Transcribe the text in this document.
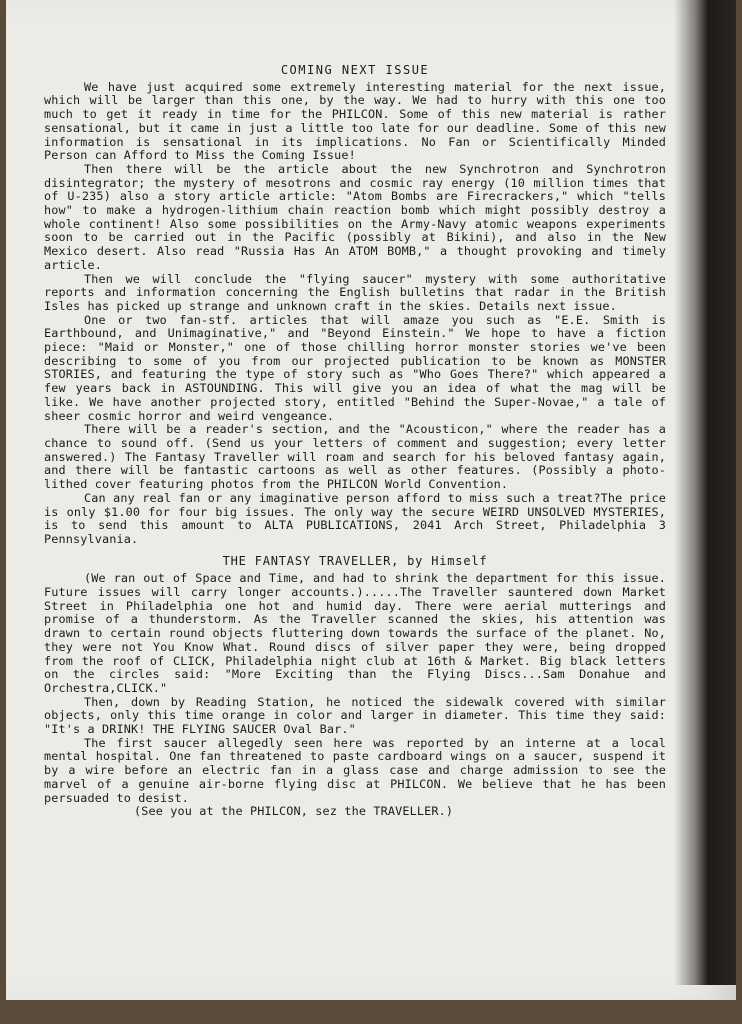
COMING NEXT ISSUE

We have just acquired some extremely interesting material for the next issue, which will be larger than this one, by the way. We had to hurry with this one too much to get it ready in time for the PHILCON. Some of this new material is rather sensational, but it came in just a little too late for our deadline. Some of this new information is sensational in its implications. No Fan or Scientifically Minded Person can Afford to Miss the Coming Issue!

Then there will be the article about the new Synchrotron and Synchrotron disintegrator; the mystery of mesotrons and cosmic ray energy (10 million times that of U-235) also a story article article: "Atom Bombs are Firecrackers," which "tells how" to make a hydrogen-lithium chain reaction bomb which might possibly destroy a whole continent! Also some possibilities on the Army-Navy atomic weapons experiments soon to be carried out in the Pacific (possibly at Bikini), and also in the New Mexico desert. Also read "Russia Has An ATOM BOMB," a thought provoking and timely article.

Then we will conclude the "flying saucer" mystery with some authoritative reports and information concerning the English bulletins that radar in the British Isles has picked up strange and unknown craft in the skies. Details next issue.

One or two fan-stf. articles that will amaze you such as "E.E. Smith is Earthbound, and Unimaginative," and "Beyond Einstein." We hope to have a fiction piece: "Maid or Monster," one of those chilling horror monster stories we've been describing to some of you from our projected publication to be known as MONSTER STORIES, and featuring the type of story such as "Who Goes There?" which appeared a few years back in ASTOUNDING. This will give you an idea of what the mag will be like. We have another projected story, entitled "Behind the Super-Novae," a tale of sheer cosmic horror and weird vengeance.

There will be a reader's section, and the "Acousticon," where the reader has a chance to sound off. (Send us your letters of comment and suggestion; every letter answered.) The Fantasy Traveller will roam and search for his beloved fantasy again, and there will be fantastic cartoons as well as other features. (Possibly a photo-lithed cover featuring photos from the PHILCON World Convention.

Can any real fan or any imaginative person afford to miss such a treat?The price is only $1.00 for four big issues. The only way the secure WEIRD UNSOLVED MYSTERIES, is to send this amount to ALTA PUBLICATIONS, 2041 Arch Street, Philadelphia 3 Pennsylvania.

THE FANTASY TRAVELLER, by Himself

(We ran out of Space and Time, and had to shrink the department for this issue. Future issues will carry longer accounts.).....The Traveller sauntered down Market Street in Philadelphia one hot and humid day. There were aerial mutterings and promise of a thunderstorm. As the Traveller scanned the skies, his attention was drawn to certain round objects fluttering down towards the surface of the planet. No, they were not You Know What. Round discs of silver paper they were, being dropped from the roof of CLICK, Philadelphia night club at 16th & Market. Big black letters on the circles said: "More Exciting than the Flying Discs...Sam Donahue and Orchestra,CLICK."

Then, down by Reading Station, he noticed the sidewalk covered with similar objects, only this time orange in color and larger in diameter. This time they said: "It's a DRINK! THE FLYING SAUCER Oval Bar."

The first saucer allegedly seen here was reported by an interne at a local mental hospital. One fan threatened to paste cardboard wings on a saucer, suspend it by a wire before an electric fan in a glass case and charge admission to see the marvel of a genuine air-borne flying disc at PHILCON. We believe that he has been persuaded to desist.

(See you at the PHILCON, sez the TRAVELLER.)
